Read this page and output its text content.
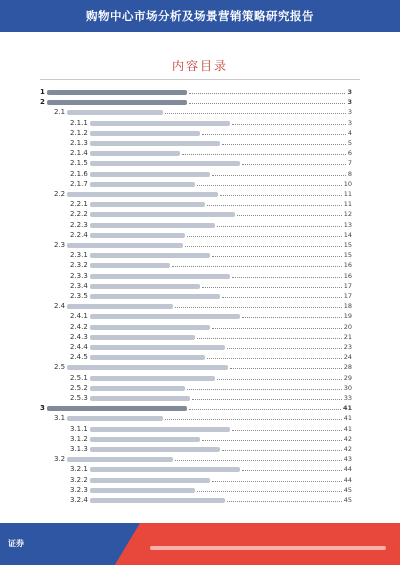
购物中心市场分析及场景营销策略研究报告
内容目录
1	3
2	3
2.1	3
2.1.1	3
2.1.2	4
2.1.3	5
2.1.4	6
2.1.5	7
2.1.6	8
2.1.7	10
2.2	11
2.2.1	11
2.2.2	12
2.2.3	13
2.2.4	14
2.3	15
2.3.1	15
2.3.2	16
2.3.3	16
2.3.4	17
2.3.5	17
2.4	18
2.4.1	19
2.4.2	20
2.4.3	21
2.4.4	23
2.4.5	24
2.5	28
2.5.1	29
2.5.2	30
2.5.3	33
3	41
3.1	41
3.1.1	41
3.1.2	42
3.1.3	42
3.2	43
3.2.1	44
3.2.2	44
3.2.3	45
3.2.4	45
证券
